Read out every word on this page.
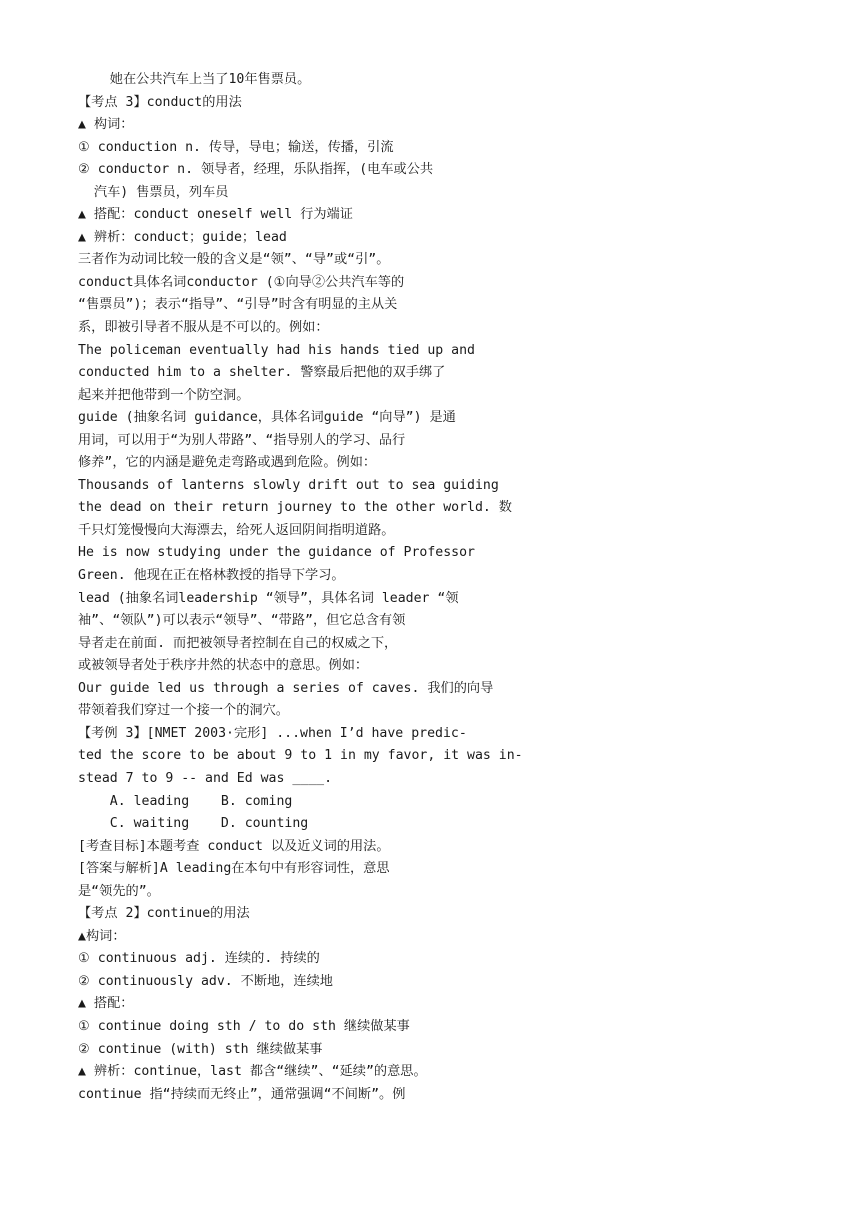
她在公共汽车上当了10年售票员。
【考点 3】conduct的用法
▲ 构词：
① conduction n. 传导，导电；输送，传播，引流
② conductor n. 领导者，经理，乐队指挥，(电车或公共
汽车) 售票员，列车员
▲ 搭配：conduct oneself well 行为端证
▲ 辨析：conduct；guide；lead
三者作为动词比较一般的含义是“领”、“导”或“引”。
conduct具体名词conductor (①向导②公共汽车等的
“售票员”)；表示“指导”、“引导”时含有明显的主从关
系，即被引导者不服从是不可以的。例如：
The policeman eventually had his hands tied up and
conducted him to a shelter. 警察最后把他的双手绑了
起来并把他带到一个防空洞。
guide (抽象名词 guidance，具体名词guide “向导”) 是通
用词，可以用于“为别人带路”、“指导别人的学习、品行
修养”，它的内涵是避免走弯路或遇到危险。例如：
Thousands of lanterns slowly drift out to sea guiding
the dead on their return journey to the other world. 数
千只灯笼慢慢向大海漂去，给死人返回阴间指明道路。
He is now studying under the guidance of Professor
Green. 他现在正在格林教授的指导下学习。
lead (抽象名词leadership “领导”，具体名词 leader “领
袖”、“领队”)可以表示“领导”、“带路”，但它总含有领
导者走在前面. 而把被领导者控制在自己的权威之下，
或被领导者处于秩序井然的状态中的意思。例如：
Our guide led us through a series of caves. 我们的向导
带领着我们穿过一个接一个的洞穴。
【考例 3】[NMET 2003·完形] ...when I’d have predic-
ted the score to be about 9 to 1 in my favor, it was in-
stead 7 to 9 -- and Ed was ____.
A. leading    B. coming
C. waiting    D. counting
[考查目标]本题考查 conduct 以及近义词的用法。
[答案与解析]A leading在本句中有形容词性，意思
是“领先的”。
【考点 2】continue的用法
▲构词：
① continuous adj. 连续的. 持续的
② continuously adv. 不断地，连续地
▲ 搭配：
① continue doing sth / to do sth 继续做某事
② continue (with) sth 继续做某事
▲ 辨析：continue，last 都含“继续”、“延续”的意思。
continue 指“持续而无终止”，通常强调“不间断”。例
